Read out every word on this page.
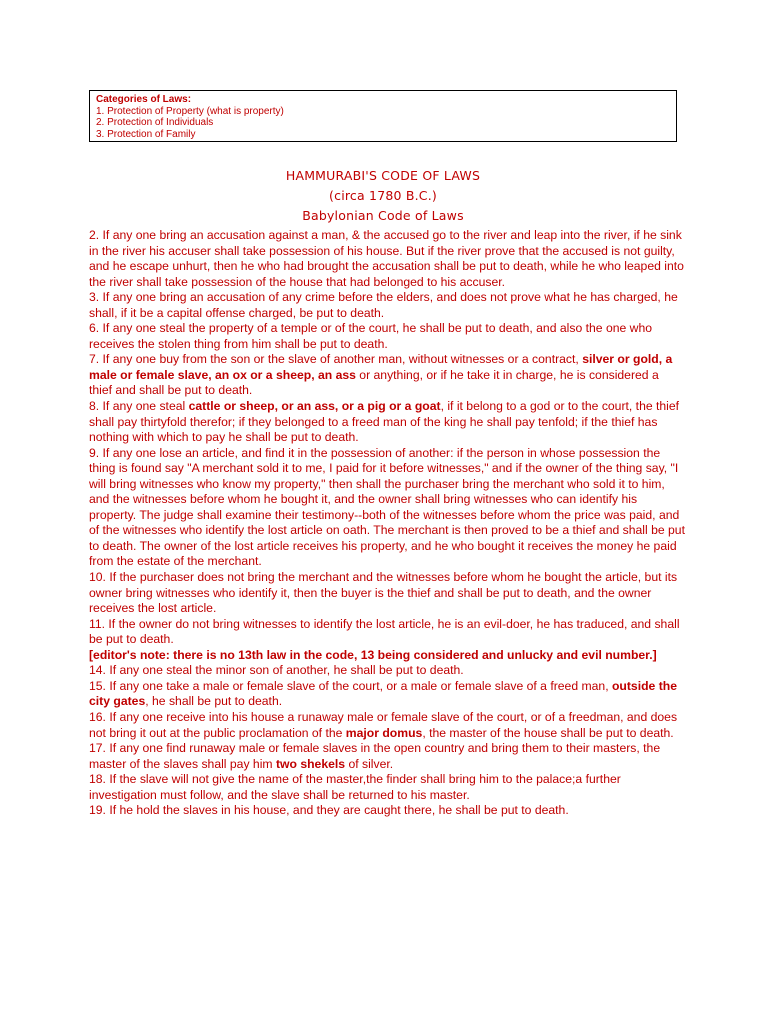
Categories of Laws:
1. Protection of Property (what is property)
2. Protection of Individuals
3. Protection of Family
HAMMURABI'S CODE OF LAWS
(circa 1780 B.C.)
Babylonian Code of Laws

2. If any one bring an accusation against a man, & the accused go to the river and leap into the river, if he sink in the river his accuser shall take possession of his house. But if the river prove that the accused is not guilty, and he escape unhurt, then he who had brought the accusation shall be put to death, while he who leaped into the river shall take possession of the house that had belonged to his accuser.

3. If any one bring an accusation of any crime before the elders, and does not prove what he has charged, he shall, if it be a capital offense charged, be put to death.

6. If any one steal the property of a temple or of the court, he shall be put to death, and also the one who receives the stolen thing from him shall be put to death.

7. If any one buy from the son or the slave of another man, without witnesses or a contract, silver or gold, a male or female slave, an ox or a sheep, an ass or anything, or if he take it in charge, he is considered a thief and shall be put to death.

8. If any one steal cattle or sheep, or an ass, or a pig or a goat, if it belong to a god or to the court, the thief shall pay thirtyfold therefor; if they belonged to a freed man of the king he shall pay tenfold; if the thief has nothing with which to pay he shall be put to death.

9. If any one lose an article, and find it in the possession of another: if the person in whose possession the thing is found say "A merchant sold it to me, I paid for it before witnesses," and if the owner of the thing say, "I will bring witnesses who know my property," then shall the purchaser bring the merchant who sold it to him, and the witnesses before whom he bought it, and the owner shall bring witnesses who can identify his property. The judge shall examine their testimony--both of the witnesses before whom the price was paid, and of the witnesses who identify the lost article on oath. The merchant is then proved to be a thief and shall be put to death. The owner of the lost article receives his property, and he who bought it receives the money he paid from the estate of the merchant.

10. If the purchaser does not bring the merchant and the witnesses before whom he bought the article, but its owner bring witnesses who identify it, then the buyer is the thief and shall be put to death, and the owner receives the lost article.

11. If the owner do not bring witnesses to identify the lost article, he is an evil-doer, he has traduced, and shall be put to death.

[editor's note: there is no 13th law in the code, 13 being considered and unlucky and evil number.]

14. If any one steal the minor son of another, he shall be put to death.

15. If any one take a male or female slave of the court, or a male or female slave of a freed man, outside the city gates, he shall be put to death.

16. If any one receive into his house a runaway male or female slave of the court, or of a freedman, and does not bring it out at the public proclamation of the major domus, the master of the house shall be put to death.

17. If any one find runaway male or female slaves in the open country and bring them to their masters, the master of the slaves shall pay him two shekels of silver.

18. If the slave will not give the name of the master,the finder shall bring him to the palace;a further investigation must follow, and the slave shall be returned to his master.

19. If he hold the slaves in his house, and they are caught there, he shall be put to death.
